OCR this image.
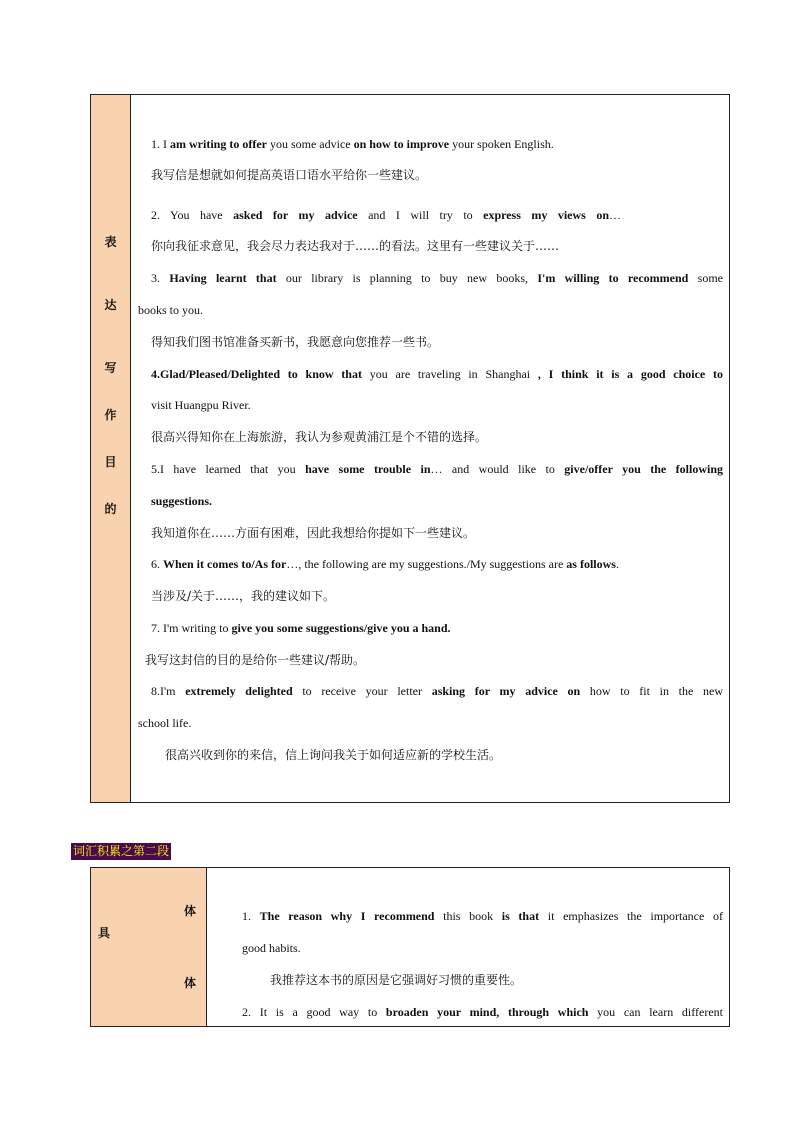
表
达
写
作
目
的
1. I am writing to offer you some advice on how to improve your spoken English.
我写信是想就如何提高英语口语水平给你一些建议。
2. You have asked for my advice and I will try to express my views on…
你向我征求意见，我会尽力表达我对于……的看法。这里有一些建议关于……
3. Having learnt that our library is planning to buy new books, I'm willing to recommend some
books to you.
得知我们图书馆准备买新书，我愿意向您推荐一些书。
4.Glad/Pleased/Delighted to know that you are traveling in Shanghai , I think it is a good choice to
visit Huangpu River.
很高兴得知你在上海旅游，我认为参观黄浦江是个不错的选择。
5.I have learned that you have some trouble in… and would like to give/offer you the following
suggestions.
我知道你在……方面有困难，因此我想给你提如下一些建议。
6. When it comes to/As for…, the following are my suggestions./My suggestions are as follows.
当涉及/关于……，我的建议如下。
7. I'm writing to give you some suggestions/give you a hand.
我写这封信的目的是给你一些建议/帮助。
8.I'm extremely delighted to receive your letter asking for my advice on how to fit in the new
school life.
很高兴收到你的来信，信上询问我关于如何适应新的学校生活。
词汇积累之第二段
体
具
体
1. The reason why I recommend this book is that it emphasizes the importance of
good habits.
我推荐这本书的原因是它强调好习惯的重要性。
2. It is a good way to broaden your mind, through which you can learn different
